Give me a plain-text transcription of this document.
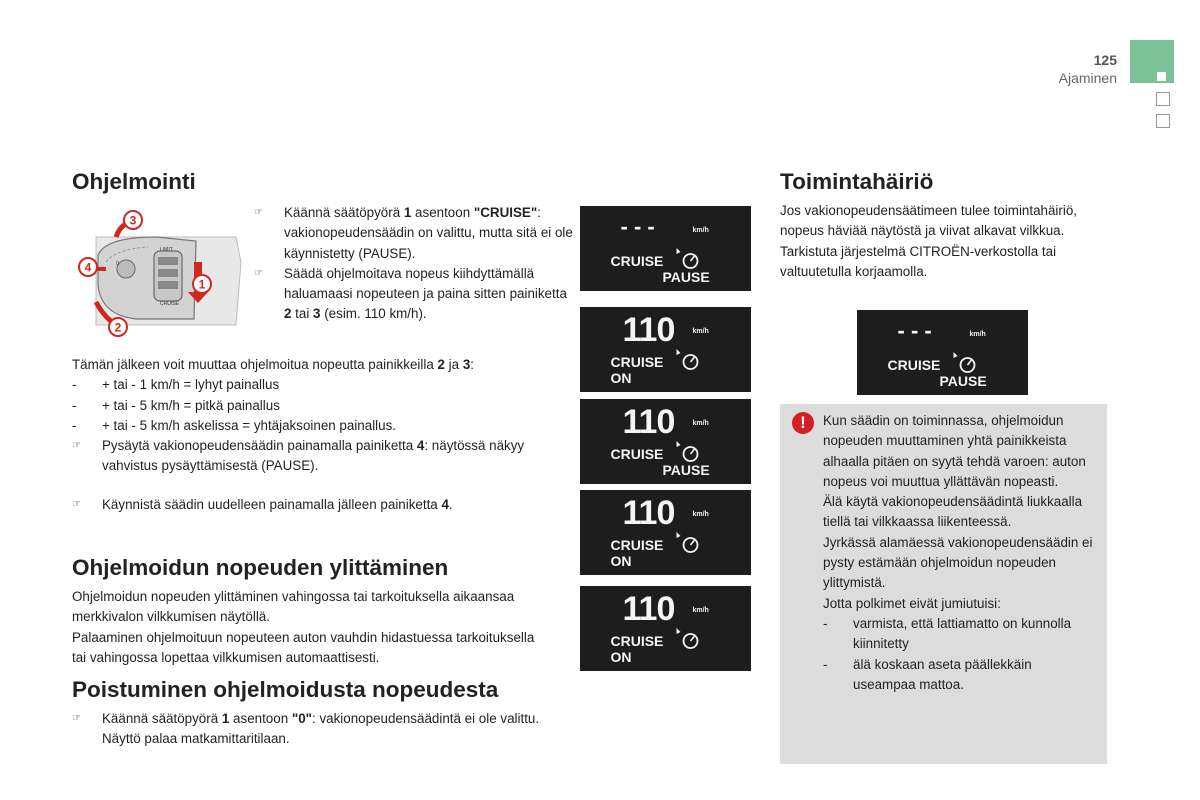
125
Ajaminen
Ohjelmointi
0
CRUISE
LIMIT
3
4
1
2
☞	Käännä säätöpyörä 1 asentoon "CRUISE": vakionopeudensäädin on valittu, mutta sitä ei ole käynnistetty (PAUSE).
☞	Säädä ohjelmoitava nopeus kiihdyttämällä haluamaasi nopeuteen ja paina sitten painiketta 2 tai 3 (esim. 110 km/h).
Tämän jälkeen voit muuttaa ohjelmoitua nopeutta painikkeilla 2 ja 3:
- + tai - 1 km/h = lyhyt painallus
- + tai - 5 km/h = pitkä painallus
- + tai - 5 km/h askelissa = yhtäjaksoinen painallus.
☞	Pysäytä vakionopeudensäädin painamalla painiketta 4: näytössä näkyy vahvistus pysäyttämisestä (PAUSE).
☞	Käynnistä säädin uudelleen painamalla jälleen painiketta 4.
Ohjelmoidun nopeuden ylittäminen
Ohjelmoidun nopeuden ylittäminen vahingossa tai tarkoituksella aikaansaa merkkivalon vilkkumisen näytöllä.
Palaaminen ohjelmoituun nopeuteen auton vauhdin hidastuessa tarkoituksella tai vahingossa lopettaa vilkkumisen automaattisesti.
Poistuminen ohjelmoidusta nopeudesta
☞	Käännä säätöpyörä 1 asentoon "0": vakionopeudensäädintä ei ole valittu. Näyttö palaa matkamittaritilaan.
Toimintahäiriö
Jos vakionopeudensäätimeen tulee toimintahäiriö, nopeus häviää näytöstä ja viivat alkavat vilkkua. Tarkistuta järjestelmä CITROËN-verkostolla tai valtuutetulla korjaamolla.
!	Kun säädin on toiminnassa, ohjelmoidun nopeuden muuttaminen yhtä painikkeista alhaalla pitäen on syytä tehdä varoen: auton nopeus voi muuttua yllättävän nopeasti.
Älä käytä vakionopeudensäädintä liukkaalla tiellä tai vilkkaassa liikenteessä.
Jyrkässä alamäessä vakionopeudensäädin ei pysty estämään ohjelmoidun nopeuden ylittymistä.
Jotta polkimet eivät jumiutuisi:
- varmista, että lattiamatto on kunnolla kiinnitetty
- älä koskaan aseta päällekkäin useampaa mattoa.
- - -	km/h
CRUISE
PAUSE
110	km/h
CRUISE
ON
110	km/h
CRUISE
PAUSE
110	km/h
CRUISE
ON
110	km/h
CRUISE
ON
- - -	km/h
CRUISE
PAUSE
